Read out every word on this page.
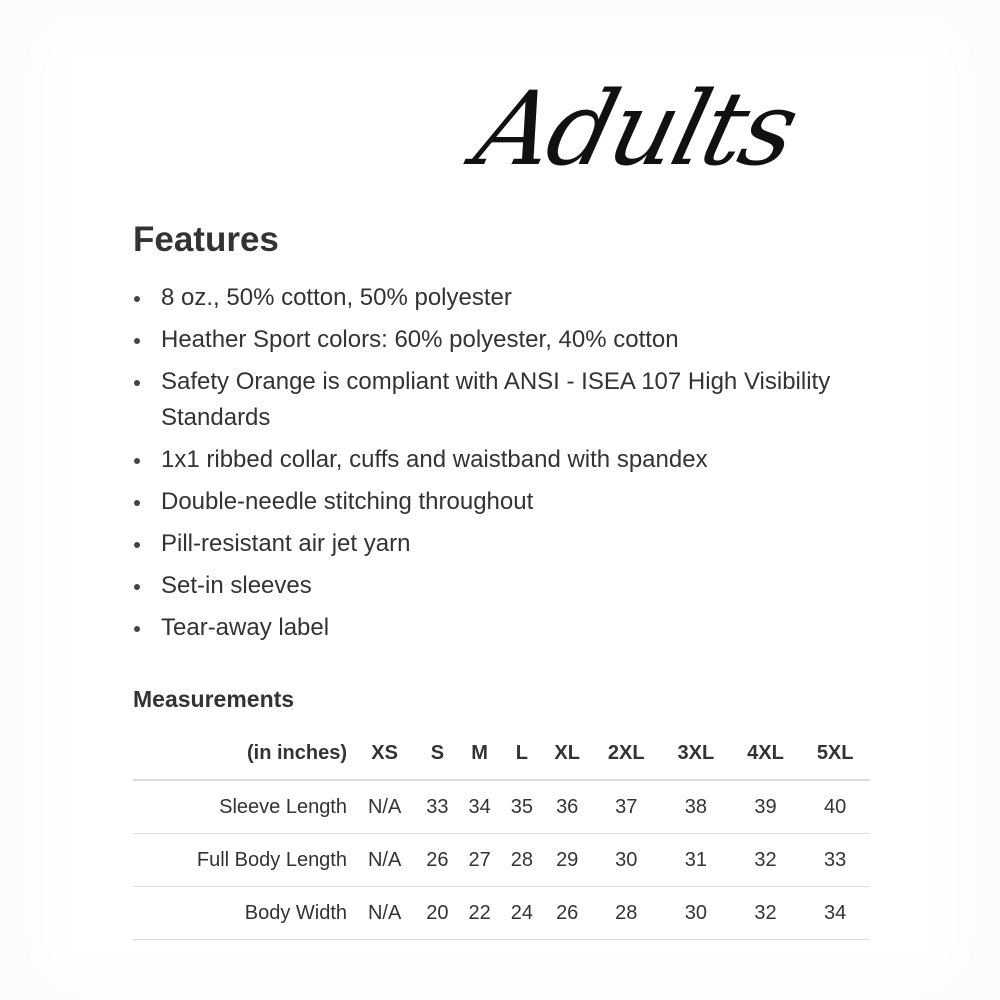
Adults
Features
8 oz., 50% cotton, 50% polyester
Heather Sport colors: 60% polyester, 40% cotton
Safety Orange is compliant with ANSI - ISEA 107 High Visibility Standards
1x1 ribbed collar, cuffs and waistband with spandex
Double-needle stitching throughout
Pill-resistant air jet yarn
Set-in sleeves
Tear-away label
Measurements
(in inches)	XS	S	M	L	XL	2XL	3XL	4XL	5XL
Sleeve Length	N/A	33	34	35	36	37	38	39	40
Full Body Length	N/A	26	27	28	29	30	31	32	33
Body Width	N/A	20	22	24	26	28	30	32	34
